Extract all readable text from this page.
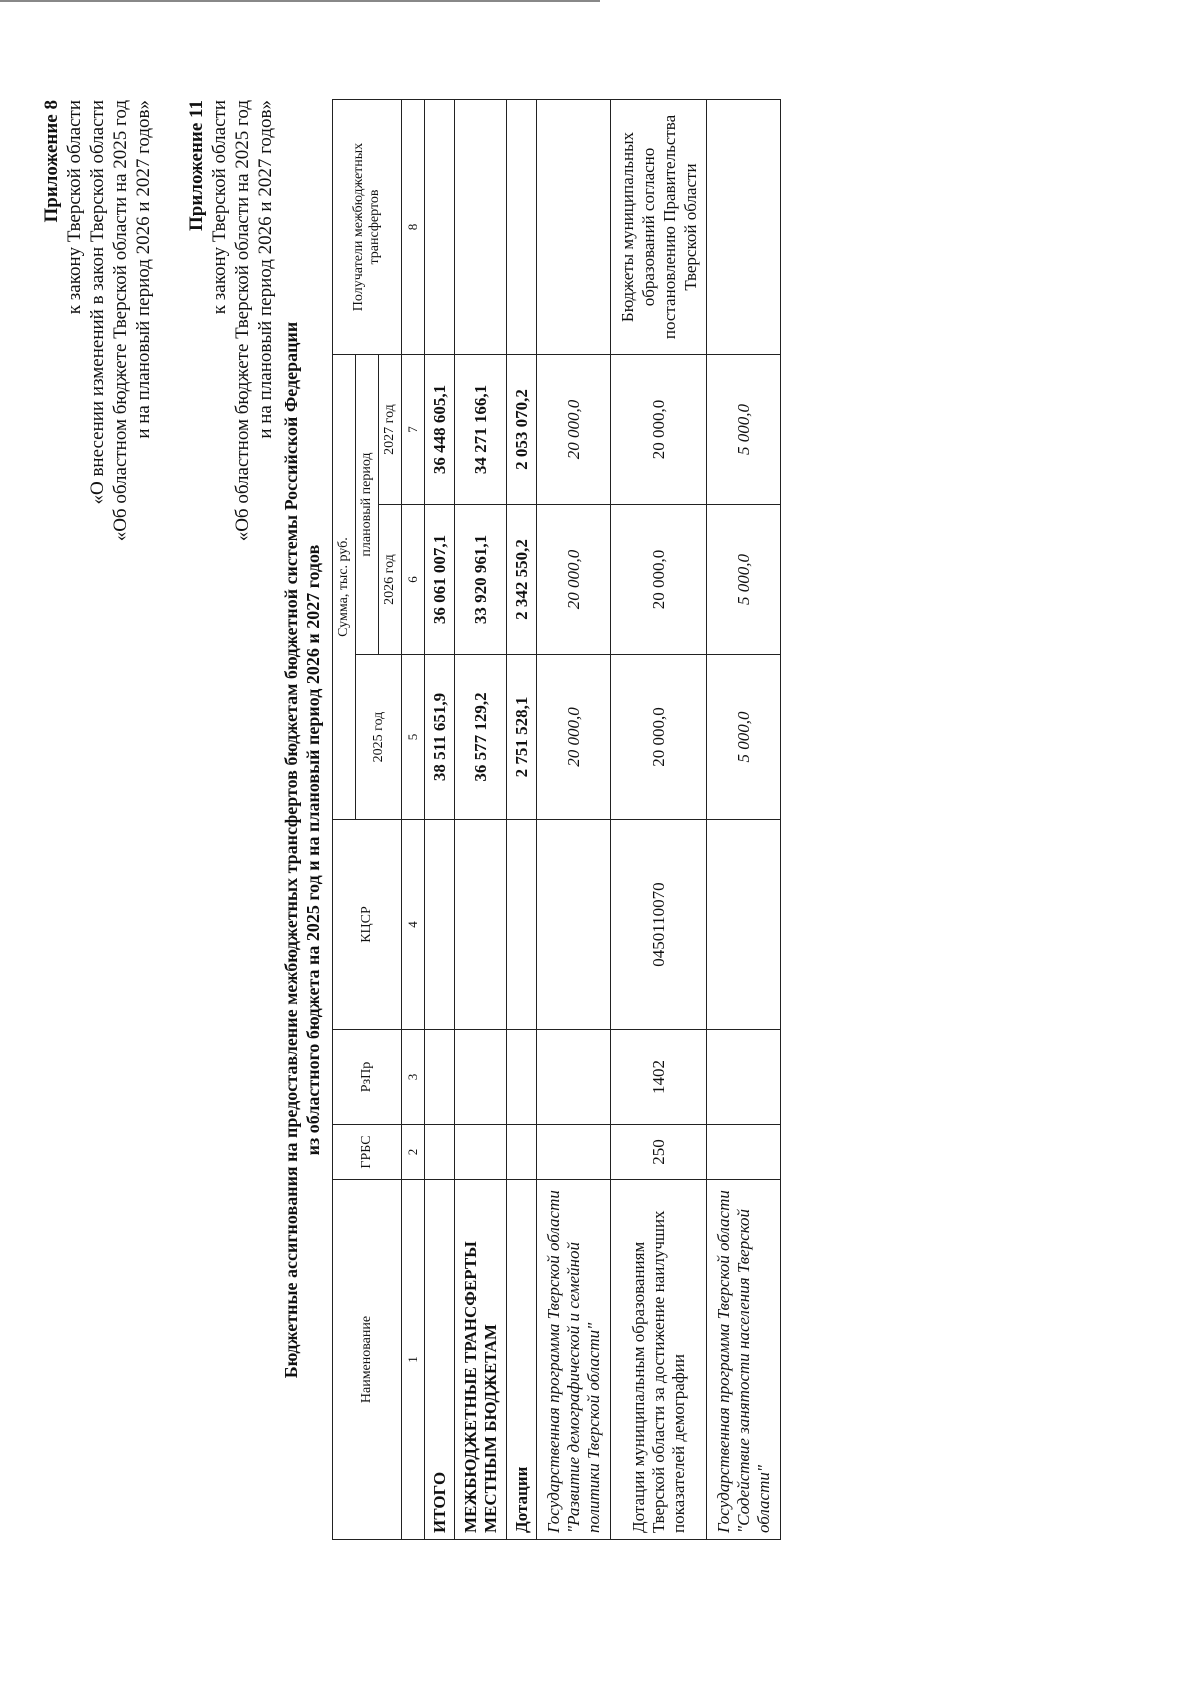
Приложение 8 к закону Тверской области «О внесении изменений в закон Тверской области «Об областном бюджете Тверской области на 2025 год и на плановый период 2026 и 2027 годов» Приложение 11 к закону Тверской области «Об областном бюджете Тверской области на 2025 год и на плановый период 2026 и 2027 годов»
Бюджетные ассигнования на предоставление межбюджетных трансфертов бюджетам бюджетной системы Российской Федерации из областного бюджета на 2025 год и на плановый период 2026 и 2027 годов
Наименование	ГРБС	РзПр	КЦСР	Сумма, тыс. руб.			Получатели межбюджетных трансфертов
				2025 год	плановый период		
					2026 год	2027 год	
1	2	3	4	5	6	7	8
ИТОГО				38 511 651,9	36 061 007,1	36 448 605,1	
МЕЖБЮДЖЕТНЫЕ ТРАНСФЕРТЫ МЕСТНЫМ БЮДЖЕТАМ				36 577 129,2	33 920 961,1	34 271 166,1	
Дотации				2 751 528,1	2 342 550,2	2 053 070,2	
Государственная программа Тверской области "Развитие демографической и семейной политики Тверской области"				20 000,0	20 000,0	20 000,0	
Дотации муниципальным образованиям Тверской области за достижение наилучших показателей демографии	250	1402	0450110070	20 000,0	20 000,0	20 000,0	Бюджеты муниципальных образований согласно постановлению Правительства Тверской области
Государственная программа Тверской области "Содействие занятости населения Тверской области"				5 000,0	5 000,0	5 000,0	
